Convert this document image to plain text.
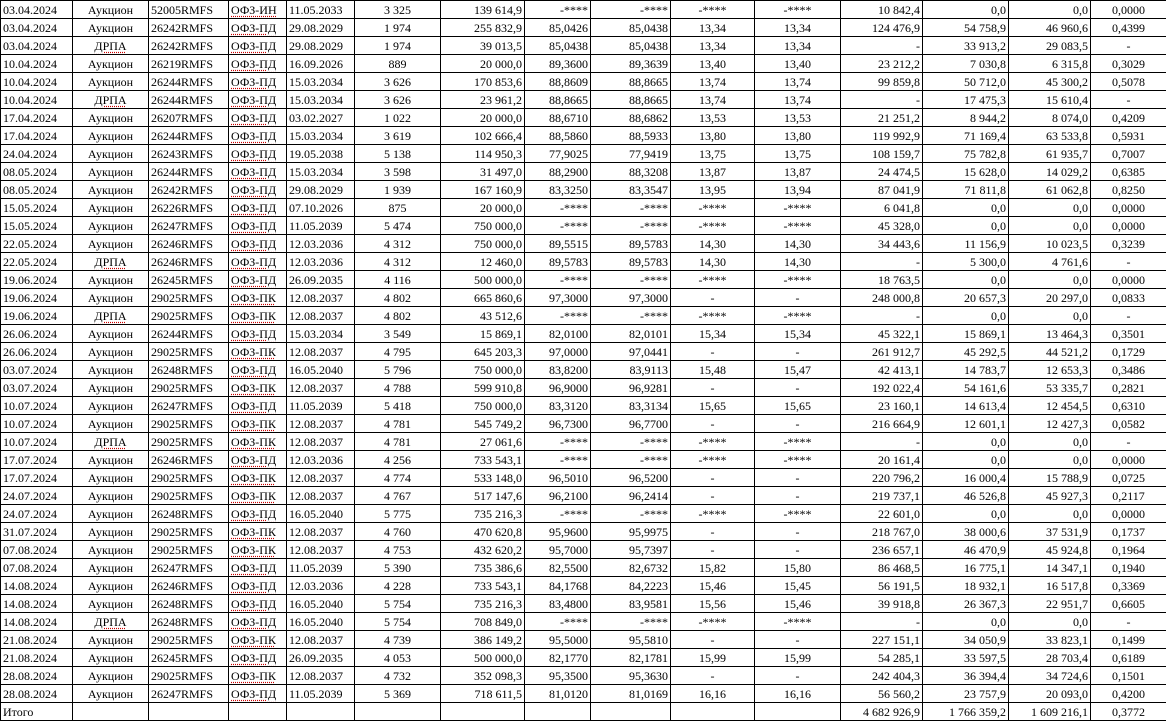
03.04.2024	Аукцион	52005RMFS	ОФЗ-ИН	11.05.2033	3 325	139 614,9	-****	-****	-****	-****	10 842,4	0,0	0,0	0,0000
03.04.2024	Аукцион	26242RMFS	ОФЗ-ПД	29.08.2029	1 974	255 832,9	85,0426	85,0438	13,34	13,34	124 476,9	54 758,9	46 960,6	0,4399
03.04.2024	ДРПА	26242RMFS	ОФЗ-ПД	29.08.2029	1 974	39 013,5	85,0438	85,0438	13,34	13,34	-	33 913,2	29 083,5	-
10.04.2024	Аукцион	26219RMFS	ОФЗ-ПД	16.09.2026	889	20 000,0	89,3600	89,3639	13,40	13,40	23 212,2	7 030,8	6 315,8	0,3029
10.04.2024	Аукцион	26244RMFS	ОФЗ-ПД	15.03.2034	3 626	170 853,6	88,8609	88,8665	13,74	13,74	99 859,8	50 712,0	45 300,2	0,5078
10.04.2024	ДРПА	26244RMFS	ОФЗ-ПД	15.03.2034	3 626	23 961,2	88,8665	88,8665	13,74	13,74	-	17 475,3	15 610,4	-
17.04.2024	Аукцион	26207RMFS	ОФЗ-ПД	03.02.2027	1 022	20 000,0	88,6710	88,6862	13,53	13,53	21 251,2	8 944,2	8 074,0	0,4209
17.04.2024	Аукцион	26244RMFS	ОФЗ-ПД	15.03.2034	3 619	102 666,4	88,5860	88,5933	13,80	13,80	119 992,9	71 169,4	63 533,8	0,5931
24.04.2024	Аукцион	26243RMFS	ОФЗ-ПД	19.05.2038	5 138	114 950,3	77,9025	77,9419	13,75	13,75	108 159,7	75 782,8	61 935,7	0,7007
08.05.2024	Аукцион	26244RMFS	ОФЗ-ПД	15.03.2034	3 598	31 497,0	88,2900	88,3208	13,87	13,87	24 474,5	15 628,0	14 029,2	0,6385
08.05.2024	Аукцион	26242RMFS	ОФЗ-ПД	29.08.2029	1 939	167 160,9	83,3250	83,3547	13,95	13,94	87 041,9	71 811,8	61 062,8	0,8250
15.05.2024	Аукцион	26226RMFS	ОФЗ-ПД	07.10.2026	875	20 000,0	-****	-****	-****	-****	6 041,8	0,0	0,0	0,0000
15.05.2024	Аукцион	26247RMFS	ОФЗ-ПД	11.05.2039	5 474	750 000,0	-****	-****	-****	-****	45 328,0	0,0	0,0	0,0000
22.05.2024	Аукцион	26246RMFS	ОФЗ-ПД	12.03.2036	4 312	750 000,0	89,5515	89,5783	14,30	14,30	34 443,6	11 156,9	10 023,5	0,3239
22.05.2024	ДРПА	26246RMFS	ОФЗ-ПД	12.03.2036	4 312	12 460,0	89,5783	89,5783	14,30	14,30	-	5 300,0	4 761,6	-
19.06.2024	Аукцион	26245RMFS	ОФЗ-ПД	26.09.2035	4 116	500 000,0	-****	-****	-****	-****	18 763,5	0,0	0,0	0,0000
19.06.2024	Аукцион	29025RMFS	ОФЗ-ПК	12.08.2037	4 802	665 860,6	97,3000	97,3000	-	-	248 000,8	20 657,3	20 297,0	0,0833
19.06.2024	ДРПА	29025RMFS	ОФЗ-ПК	12.08.2037	4 802	43 512,6	-****	-****	-****	-****	-	0,0	0,0	-
26.06.2024	Аукцион	26244RMFS	ОФЗ-ПД	15.03.2034	3 549	15 869,1	82,0100	82,0101	15,34	15,34	45 322,1	15 869,1	13 464,3	0,3501
26.06.2024	Аукцион	29025RMFS	ОФЗ-ПК	12.08.2037	4 795	645 203,3	97,0000	97,0441	-	-	261 912,7	45 292,5	44 521,2	0,1729
03.07.2024	Аукцион	26248RMFS	ОФЗ-ПД	16.05.2040	5 796	750 000,0	83,8200	83,9113	15,48	15,47	42 413,1	14 783,7	12 653,3	0,3486
03.07.2024	Аукцион	29025RMFS	ОФЗ-ПК	12.08.2037	4 788	599 910,8	96,9000	96,9281	-	-	192 022,4	54 161,6	53 335,7	0,2821
10.07.2024	Аукцион	26247RMFS	ОФЗ-ПД	11.05.2039	5 418	750 000,0	83,3120	83,3134	15,65	15,65	23 160,1	14 613,4	12 454,5	0,6310
10.07.2024	Аукцион	29025RMFS	ОФЗ-ПК	12.08.2037	4 781	545 749,2	96,7300	96,7700	-	-	216 664,9	12 601,1	12 427,3	0,0582
10.07.2024	ДРПА	29025RMFS	ОФЗ-ПК	12.08.2037	4 781	27 061,6	-****	-****	-****	-****	-	0,0	0,0	-
17.07.2024	Аукцион	26246RMFS	ОФЗ-ПД	12.03.2036	4 256	733 543,1	-****	-****	-****	-****	20 161,4	0,0	0,0	0,0000
17.07.2024	Аукцион	29025RMFS	ОФЗ-ПК	12.08.2037	4 774	533 148,0	96,5010	96,5200	-	-	220 796,2	16 000,4	15 788,9	0,0725
24.07.2024	Аукцион	29025RMFS	ОФЗ-ПК	12.08.2037	4 767	517 147,6	96,2100	96,2414	-	-	219 737,1	46 526,8	45 927,3	0,2117
24.07.2024	Аукцион	26248RMFS	ОФЗ-ПД	16.05.2040	5 775	735 216,3	-****	-****	-****	-****	22 601,0	0,0	0,0	0,0000
31.07.2024	Аукцион	29025RMFS	ОФЗ-ПК	12.08.2037	4 760	470 620,8	95,9600	95,9975	-	-	218 767,0	38 000,6	37 531,9	0,1737
07.08.2024	Аукцион	29025RMFS	ОФЗ-ПК	12.08.2037	4 753	432 620,2	95,7000	95,7397	-	-	236 657,1	46 470,9	45 924,8	0,1964
07.08.2024	Аукцион	26247RMFS	ОФЗ-ПД	11.05.2039	5 390	735 386,6	82,5500	82,6732	15,82	15,80	86 468,5	16 775,1	14 347,1	0,1940
14.08.2024	Аукцион	26246RMFS	ОФЗ-ПД	12.03.2036	4 228	733 543,1	84,1768	84,2223	15,46	15,45	56 191,5	18 932,1	16 517,8	0,3369
14.08.2024	Аукцион	26248RMFS	ОФЗ-ПД	16.05.2040	5 754	735 216,3	83,4800	83,9581	15,56	15,46	39 918,8	26 367,3	22 951,7	0,6605
14.08.2024	ДРПА	26248RMFS	ОФЗ-ПД	16.05.2040	5 754	708 849,0	-****	-****	-****	-****	-	0,0	0,0	-
21.08.2024	Аукцион	29025RMFS	ОФЗ-ПК	12.08.2037	4 739	386 149,2	95,5000	95,5810	-	-	227 151,1	34 050,9	33 823,1	0,1499
21.08.2024	Аукцион	26245RMFS	ОФЗ-ПД	26.09.2035	4 053	500 000,0	82,1770	82,1781	15,99	15,99	54 285,1	33 597,5	28 703,4	0,6189
28.08.2024	Аукцион	29025RMFS	ОФЗ-ПК	12.08.2037	4 732	352 098,3	95,3500	95,3630	-	-	242 404,3	36 394,4	34 724,6	0,1501
28.08.2024	Аукцион	26247RMFS	ОФЗ-ПД	11.05.2039	5 369	718 611,5	81,0120	81,0169	16,16	16,16	56 560,2	23 757,9	20 093,0	0,4200
Итого											4 682 926,9	1 766 359,2	1 609 216,1	0,3772
